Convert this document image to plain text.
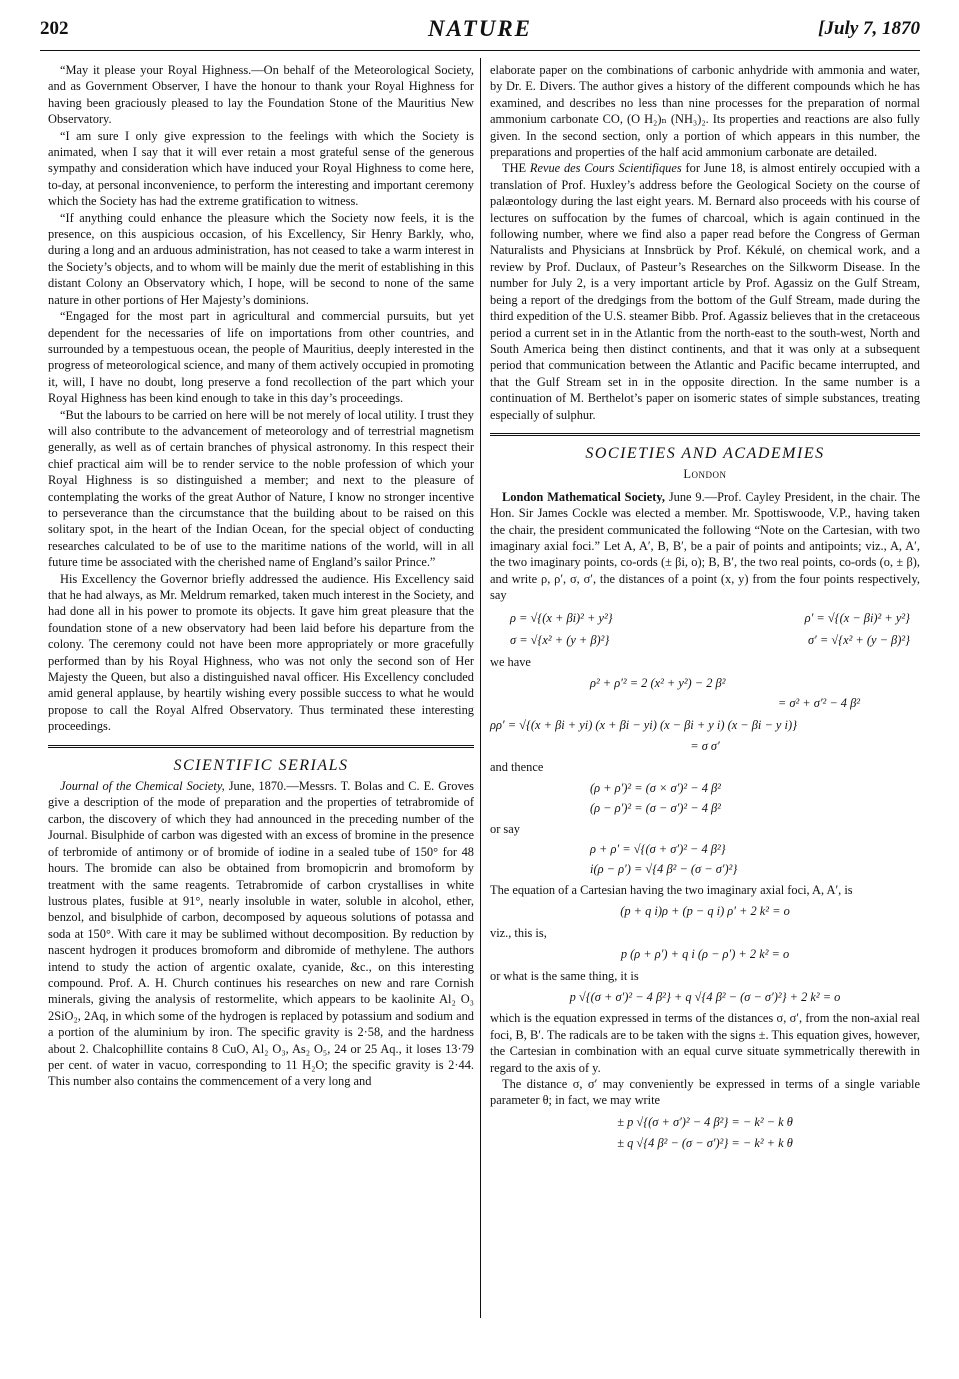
202	NATURE	[July 7, 1870

“May it please your Royal Highness.—On behalf of the Meteorological Society, and as Government Observer, I have the honour to thank your Royal Highness for having been graciously pleased to lay the Foundation Stone of the Mauritius New Observatory.

“I am sure I only give expression to the feelings with which the Society is animated, when I say that it will ever retain a most grateful sense of the generous sympathy and consideration which have induced your Royal Highness to come here, to-day, at personal inconvenience, to perform the interesting and important ceremony which the Society has had the extreme gratification to witness.

“If anything could enhance the pleasure which the Society now feels, it is the presence, on this auspicious occasion, of his Excellency, Sir Henry Barkly, who, during a long and an arduous administration, has not ceased to take a warm interest in the Society’s objects, and to whom will be mainly due the merit of establishing in this distant Colony an Observatory which, I hope, will be second to none of the same nature in other portions of Her Majesty’s dominions.

“Engaged for the most part in agricultural and commercial pursuits, but yet dependent for the necessaries of life on importations from other countries, and surrounded by a tempestuous ocean, the people of Mauritius, deeply interested in the progress of meteorological science, and many of them actively occupied in promoting it, will, I have no doubt, long preserve a fond recollection of the part which your Royal Highness has been kind enough to take in this day’s proceedings.

“But the labours to be carried on here will be not merely of local utility. I trust they will also contribute to the advancement of meteorology and of terrestrial magnetism generally, as well as of certain branches of physical astronomy. In this respect their chief practical aim will be to render service to the noble profession of which your Royal Highness is so distinguished a member; and next to the pleasure of contemplating the works of the great Author of Nature, I know no stronger incentive to perseverance than the circumstance that the building about to be raised on this solitary spot, in the heart of the Indian Ocean, for the special object of conducting researches calculated to be of use to the maritime nations of the world, will in all future time be associated with the cherished name of England’s sailor Prince.”

His Excellency the Governor briefly addressed the audience. His Excellency said that he had always, as Mr. Meldrum remarked, taken much interest in the Society, and had done all in his power to promote its objects. It gave him great pleasure that the foundation stone of a new observatory had been laid before his departure from the colony. The ceremony could not have been more appropriately or more gracefully performed than by his Royal Highness, who was not only the second son of Her Majesty the Queen, but also a distinguished naval officer. His Excellency concluded amid general applause, by heartily wishing every possible success to what he would propose to call the Royal Alfred Observatory. Thus terminated these interesting proceedings.

SCIENTIFIC SERIALS

Journal of the Chemical Society, June, 1870.—Messrs. T. Bolas and C. E. Groves give a description of the mode of preparation and the properties of tetrabromide of carbon, the discovery of which they had announced in the preceding number of the Journal. Bisulphide of carbon was digested with an excess of bromine in the presence of terbromide of antimony or of bromide of iodine in a sealed tube of 150° for 48 hours. The bromide can also be obtained from bromopicrin and bromoform by treatment with the same reagents. Tetrabromide of carbon crystallises in white lustrous plates, fusible at 91°, nearly insoluble in water, soluble in alcohol, ether, benzol, and bisulphide of carbon, decomposed by aqueous solutions of potassa and soda at 150°. With care it may be sublimed without decomposition. By reduction by nascent hydrogen it produces bromoform and dibromide of methylene. The authors intend to study the action of argentic oxalate, cyanide, &c., on this interesting compound. Prof. A. H. Church continues his researches on new and rare Cornish minerals, giving the analysis of restormelite, which appears to be kaolinite Al₂ O₃ 2SiO₂, 2Aq, in which some of the hydrogen is replaced by potassium and sodium and a portion of the aluminium by iron. The specific gravity is 2·58, and the hardness about 2. Chalcophillite contains 8 CuO, Al₂ O₃, As₂ O₅, 24 or 25 Aq., it loses 13·79 per cent. of water in vacuo, corresponding to 11 H₂O; the specific gravity is 2·44. This number also contains the commencement of a very long and

elaborate paper on the combinations of carbonic anhydride with ammonia and water, by Dr. E. Divers. The author gives a history of the different compounds which he has examined, and describes no less than nine processes for the preparation of normal ammonium carbonate CO, (O H₂)ₙ (NH₃)₂. Its properties and reactions are also fully given. In the second section, only a portion of which appears in this number, the preparations and properties of the half acid ammonium carbonate are detailed.

THE Revue des Cours Scientifiques for June 18, is almost entirely occupied with a translation of Prof. Huxley’s address before the Geological Society on the course of palæontology during the last eight years. M. Bernard also proceeds with his course of lectures on suffocation by the fumes of charcoal, which is again continued in the following number, where we find also a paper read before the Congress of German Naturalists and Physicians at Innsbrück by Prof. Kékulé, on chemical work, and a review by Prof. Duclaux, of Pasteur’s Researches on the Silkworm Disease. In the number for July 2, is a very important article by Prof. Agassiz on the Gulf Stream, being a report of the dredgings from the bottom of the Gulf Stream, made during the third expedition of the U.S. steamer Bibb. Prof. Agassiz believes that in the cretaceous period a current set in in the Atlantic from the north-east to the south-west, North and South America being then distinct continents, and that it was only at a subsequent period that communication between the Atlantic and Pacific became interrupted, and that the Gulf Stream set in in the opposite direction. In the same number is a continuation of M. Berthelot’s paper on isomeric states of simple substances, treating especially of sulphur.

SOCIETIES AND ACADEMIES
London

London Mathematical Society, June 9.—Prof. Cayley President, in the chair. The Hon. Sir James Cockle was elected a member. Mr. Spottiswoode, V.P., having taken the chair, the president communicated the following “Note on the Cartesian, with two imaginary axial foci.” Let A, A′, B, B′, be a pair of points and antipoints; viz., A, A′, the two imaginary points, co-ords (± βi, o); B, B′, the two real points, co-ords (o, ± β), and write ρ, ρ′, σ, σ′, the distances of a point (x, y) from the four points respectively, say

ρ = √{(x + βi)² + y²}	ρ′ = √{(x − βi)² + y²}
σ = √{x² + (y + β)²}	σ′ = √{x² + (y − β)²}

we have

ρ² + ρ′² = 2 (x² + y²) − 2 β²
= σ² + σ′² − 4 β²
ρρ′ = √{(x + βi + yi) (x + βi − yi) (x − βi + y i) (x − βi − y i)}
= σ σ′

and thence

(ρ + ρ′)² = (σ × σ′)² − 4 β²
(ρ − ρ′)² = (σ − σ′)² − 4 β²

or say

ρ + ρ′ = √{(σ + σ′)² − 4 β²}
i(ρ − ρ′) = √{4 β² − (σ − σ′)²}

The equation of a Cartesian having the two imaginary axial foci, A, A′, is

(p + q i)ρ + (p − q i) ρ′ + 2 k² = o

viz., this is,

p (ρ + ρ′) + q i (ρ − ρ′) + 2 k² = o

or what is the same thing, it is

p √{(σ + σ′)² − 4 β²} + q √{4 β² − (σ − σ′)²} + 2 k² = o

which is the equation expressed in terms of the distances σ, σ′, from the non-axial real foci, B, B′. The radicals are to be taken with the signs ±. This equation gives, however, the Cartesian in combination with an equal curve situate symmetrically therewith in regard to the axis of y.

The distance σ, σ′ may conveniently be expressed in terms of a single variable parameter θ; in fact, we may write

± p √{(σ + σ′)² − 4 β²} = − k² − k θ
± q √{4 β² − (σ − σ′)²} = − k² + k θ
